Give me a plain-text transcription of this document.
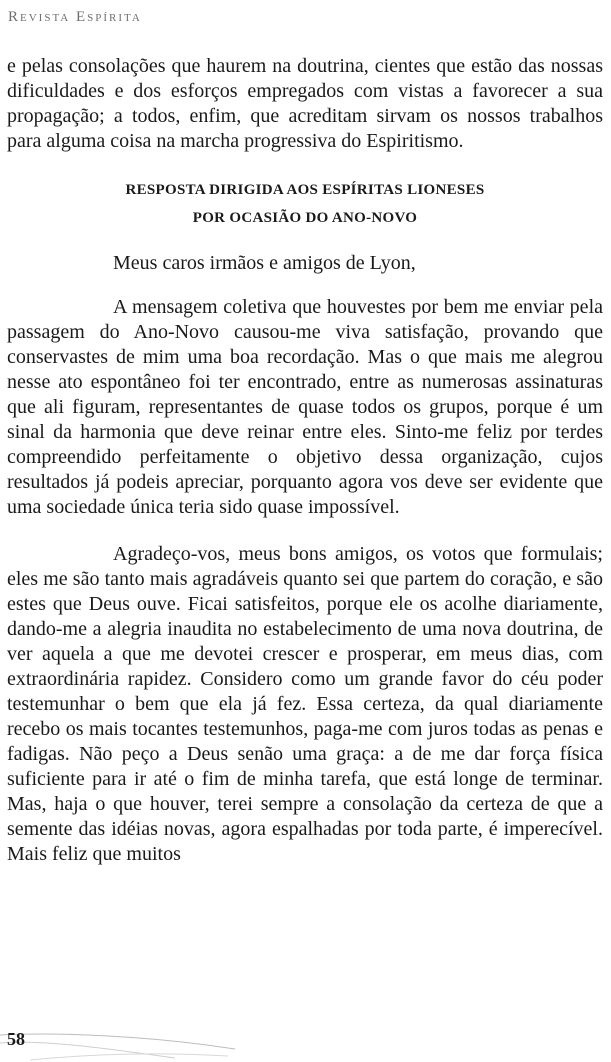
Revista Espírita

e pelas consolações que haurem na doutrina, cientes que estão das nossas dificuldades e dos esforços empregados com vistas a favorecer a sua propagação; a todos, enfim, que acreditam sirvam os nossos trabalhos para alguma coisa na marcha progressiva do Espiritismo.

RESPOSTA DIRIGIDA AOS ESPÍRITAS LIONESES
POR OCASIÃO DO ANO-NOVO

Meus caros irmãos e amigos de Lyon,

A mensagem coletiva que houvestes por bem me enviar pela passagem do Ano-Novo causou-me viva satisfação, provando que conservastes de mim uma boa recordação. Mas o que mais me alegrou nesse ato espontâneo foi ter encontrado, entre as numerosas assinaturas que ali figuram, representantes de quase todos os grupos, porque é um sinal da harmonia que deve reinar entre eles. Sinto-me feliz por terdes compreendido perfeitamente o objetivo dessa organização, cujos resultados já podeis apreciar, porquanto agora vos deve ser evidente que uma sociedade única teria sido quase impossível.

Agradeço-vos, meus bons amigos, os votos que formulais; eles me são tanto mais agradáveis quanto sei que partem do coração, e são estes que Deus ouve. Ficai satisfeitos, porque ele os acolhe diariamente, dando-me a alegria inaudita no estabelecimento de uma nova doutrina, de ver aquela a que me devotei crescer e prosperar, em meus dias, com extraordinária rapidez. Considero como um grande favor do céu poder testemunhar o bem que ela já fez. Essa certeza, da qual diariamente recebo os mais tocantes testemunhos, paga-me com juros todas as penas e fadigas. Não peço a Deus senão uma graça: a de me dar força física suficiente para ir até o fim de minha tarefa, que está longe de terminar. Mas, haja o que houver, terei sempre a consolação da certeza de que a semente das idéias novas, agora espalhadas por toda parte, é imperecível. Mais feliz que muitos

58
